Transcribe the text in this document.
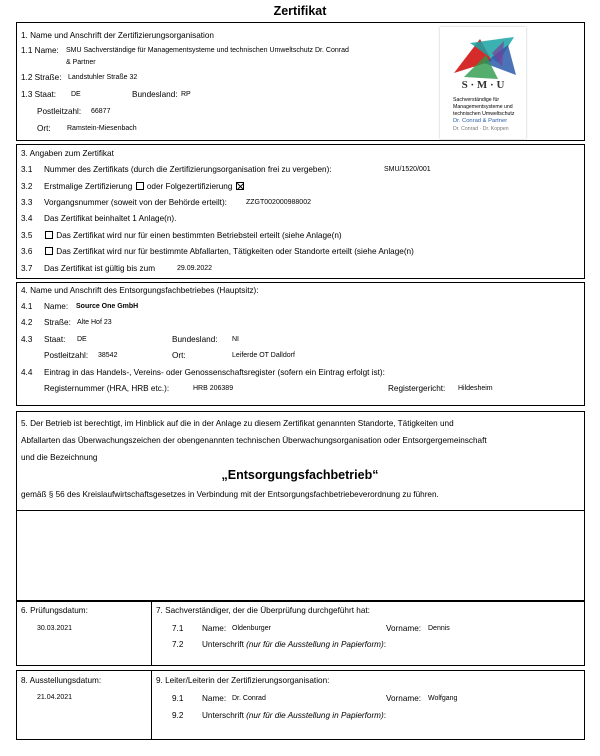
Zertifikat
1. Name und Anschrift der Zertifizierungsorganisation
1.1 Name: SMU Sachverständige für Managementsysteme und technischen Umweltschutz Dr. Conrad
& Partner
1.2 Straße: Landstuhler Straße 32
1.3 Staat: DE	Bundesland: RP
Postleitzahl: 66877
Ort: Ramstein-Miesenbach
S · M · U
Sachverständige für
Managementsysteme und
technischen Umweltschutz
Dr. Conrad & Partner
Dr. Conrad · Dr. Koppen
3. Angaben zum Zertifikat
3.1 Nummer des Zertifikats (durch die Zertifizierungsorganisation frei zu vergeben):	SMU/1520/001
3.2 Erstmalige Zertifizierung oder Folgezertifizierung
3.3 Vorgangsnummer (soweit von der Behörde erteilt):	ZZGT002000988002
3.4 Das Zertifikat beinhaltet 1 Anlage(n).
3.5	Das Zertifikat wird nur für einen bestimmten Betriebsteil erteilt (siehe Anlage(n)
3.6	Das Zertifikat wird nur für bestimmte Abfallarten, Tätigkeiten oder Standorte erteilt (siehe Anlage(n)
3.7 Das Zertifikat ist gültig bis zum	29.09.2022
4. Name und Anschrift des Entsorgungsfachbetriebes (Hauptsitz):
4.1 Name: Source One GmbH
4.2 Straße: Alte Hof 23
4.3 Staat: DE	Bundesland: NI
Postleitzahl: 38542	Ort:	Leiferde OT Dalldorf
4.4 Eintrag in das Handels-, Vereins- oder Genossenschaftsregister (sofern ein Eintrag erfolgt ist):
Registernummer (HRA, HRB etc.):	HRB 206389	Registergericht: Hildesheim
5. Der Betrieb ist berechtigt, im Hinblick auf die in der Anlage zu diesem Zertifikat genannten Standorte, Tätigkeiten und
Abfallarten das Überwachungszeichen der obengenannten technischen Überwachungsorganisation oder Entsorgergemeinschaft
und die Bezeichnung
„Entsorgungsfachbetrieb“
gemäß § 56 des Kreislaufwirtschaftsgesetzes in Verbindung mit der Entsorgungsfachbetriebeverordnung zu führen.
6. Prüfungsdatum:
30.03.2021
7. Sachverständiger, der die Überprüfung durchgeführt hat:
7.1 Name: Oldenburger	Vorname: Dennis
7.2 Unterschrift (nur für die Ausstellung in Papierform):
8. Ausstellungsdatum:
21.04.2021
9. Leiter/Leiterin der Zertifizierungsorganisation:
9.1 Name: Dr. Conrad	Vorname: Wolfgang
9.2 Unterschrift (nur für die Ausstellung in Papierform):
